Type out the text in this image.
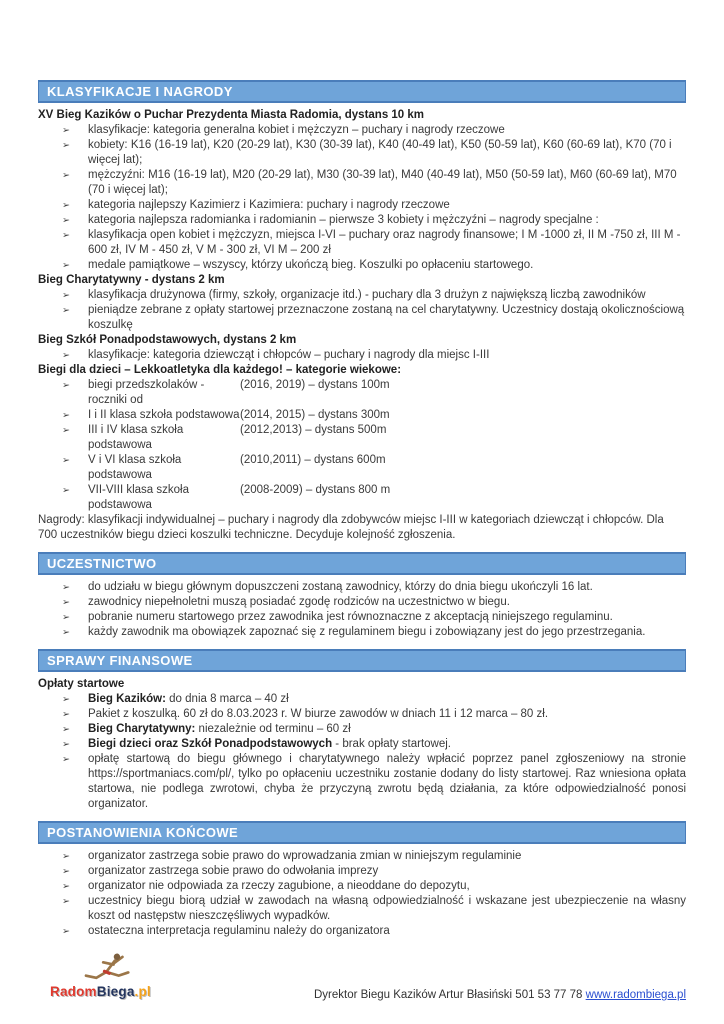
KLASYFIKACJE I NAGRODY
XV Bieg Kazików o Puchar Prezydenta Miasta Radomia, dystans 10 km
➢ klasyfikacje: kategoria generalna kobiet i mężczyzn – puchary i nagrody rzeczowe
➢ kobiety: K16 (16-19 lat), K20 (20-29 lat), K30 (30-39 lat), K40 (40-49 lat), K50 (50-59 lat), K60 (60-69 lat), K70 (70 i więcej lat);
➢ mężczyźni: M16 (16-19 lat), M20 (20-29 lat), M30 (30-39 lat), M40 (40-49 lat), M50 (50-59 lat), M60 (60-69 lat), M70 (70 i więcej lat);
➢ kategoria najlepszy Kazimierz i Kazimiera: puchary i nagrody rzeczowe
➢ kategoria najlepsza radomianka i radomianin – pierwsze 3 kobiety i mężczyźni – nagrody specjalne :
➢ klasyfikacja open kobiet i mężczyzn, miejsca I-VI – puchary oraz nagrody finansowe; I M -1000 zł, II M -750 zł, III M - 600 zł, IV M - 450 zł, V M - 300 zł, VI M – 200 zł
➢ medale pamiątkowe – wszyscy, którzy ukończą bieg. Koszulki po opłaceniu startowego.
Bieg Charytatywny - dystans 2 km
➢ klasyfikacja drużynowa (firmy, szkoły, organizacje itd.) - puchary dla 3 drużyn z największą liczbą zawodników
➢ pieniądze zebrane z opłaty startowej przeznaczone zostaną na cel charytatywny. Uczestnicy dostają okolicznościową koszulkę
Bieg Szkół Ponadpodstawowych, dystans 2 km
➢ klasyfikacje: kategoria dziewcząt i chłopców – puchary i nagrody dla miejsc I-III
Biegi dla dzieci – Lekkoatletyka dla każdego! – kategorie wiekowe:
➢ biegi przedszkolaków - roczniki od(2016, 2019) – dystans 100m
➢ I i II klasa szkoła podstawowa(2014, 2015) – dystans 300m
➢ III i IV klasa szkoła podstawowa(2012,2013) – dystans 500m
➢ V i VI klasa szkoła podstawowa(2010,2011) – dystans 600m
➢ VII-VIII klasa szkoła podstawowa(2008-2009) – dystans 800 m

Nagrody: klasyfikacji indywidualnej – puchary i nagrody dla zdobywców miejsc I-III w kategoriach dziewcząt i chłopców. Dla 700 uczestników biegu dzieci koszulki techniczne. Decyduje kolejność zgłoszenia.

UCZESTNICTWO
➢ do udziału w biegu głównym dopuszczeni zostaną zawodnicy, którzy do dnia biegu ukończyli 16 lat.
➢ zawodnicy niepełnoletni muszą posiadać zgodę rodziców na uczestnictwo w biegu.
➢ pobranie numeru startowego przez zawodnika jest równoznaczne z akceptacją niniejszego regulaminu.
➢ każdy zawodnik ma obowiązek zapoznać się z regulaminem biegu i zobowiązany jest do jego przestrzegania.
SPRAWY FINANSOWE
Opłaty startowe
➢ Bieg Kazików: do dnia 8 marca – 40 zł
➢ Pakiet z koszulką. 60 zł do 8.03.2023 r. W biurze zawodów w dniach 11 i 12 marca – 80 zł.
➢ Bieg Charytatywny: niezależnie od terminu – 60 zł
➢ Biegi dzieci oraz Szkół Ponadpodstawowych - brak opłaty startowej.
➢ opłatę startową do biegu głównego i charytatywnego należy wpłacić poprzez panel zgłoszeniowy na stronie https://sportmaniacs.com/pl/, tylko po opłaceniu uczestniku zostanie dodany do listy startowej. Raz wniesiona opłata startowa, nie podlega zwrotowi, chyba że przyczyną zwrotu będą działania, za które odpowiedzialność ponosi organizator.
POSTANOWIENIA KOŃCOWE
➢ organizator zastrzega sobie prawo do wprowadzania zmian w niniejszym regulaminie
➢ organizator zastrzega sobie prawo do odwołania imprezy
➢ organizator nie odpowiada za rzeczy zagubione, a nieoddane do depozytu,
➢ uczestnicy biegu biorą udział w zawodach na własną odpowiedzialność i wskazane jest ubezpieczenie na własny koszt od następstw nieszczęśliwych wypadków.
➢ ostateczna interpretacja regulaminu należy do organizatora
RadomBiega.pl	Dyrektor Biegu Kazików Artur Błasiński 501 53 77 78 www.radombiega.pl
